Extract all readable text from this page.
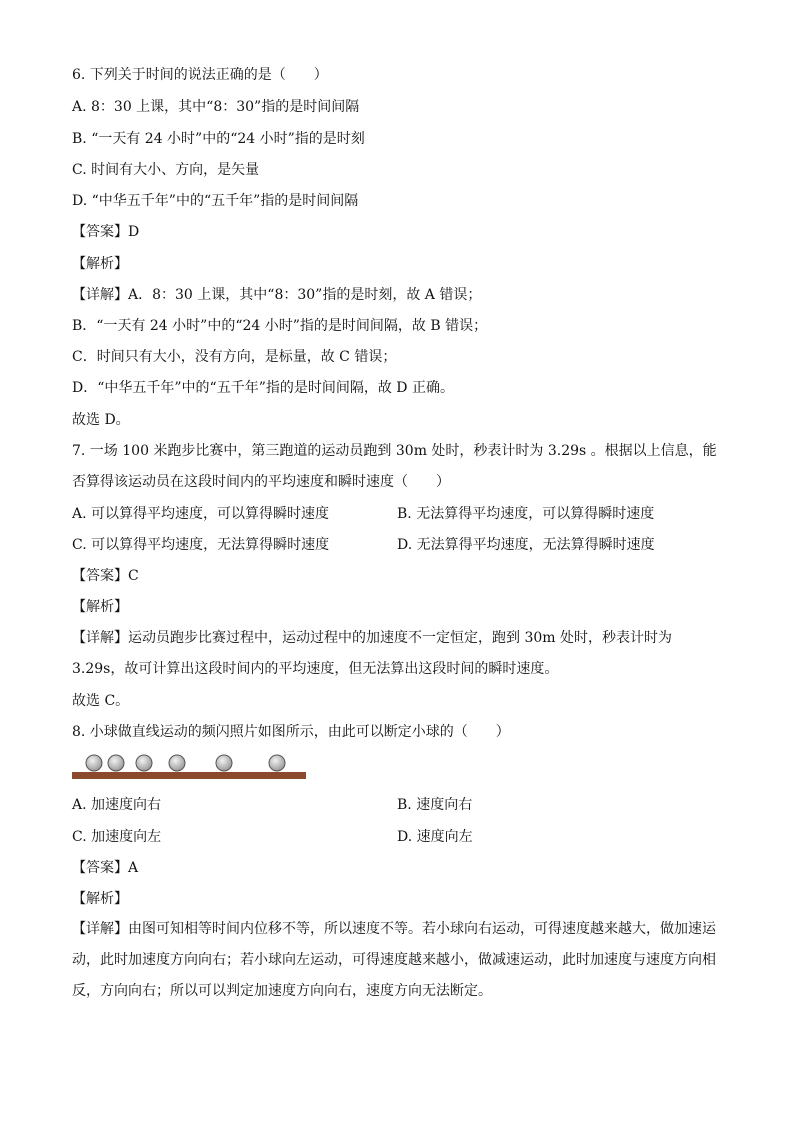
6. 下列关于时间的说法正确的是（　　）
A. 8：30 上课，其中“8：30”指的是时间间隔
B. “一天有 24 小时”中的“24 小时”指的是时刻
C. 时间有大小、方向，是矢量
D. “中华五千年”中的“五千年”指的是时间间隔
【答案】D
【解析】
【详解】A．8：30 上课，其中“8：30”指的是时刻，故 A 错误；
B．“一天有 24 小时”中的“24 小时”指的是时间间隔，故 B 错误；
C．时间只有大小，没有方向，是标量，故 C 错误；
D．“中华五千年”中的“五千年”指的是时间间隔，故 D 正确。
故选 D。
7. 一场 100 米跑步比赛中，第三跑道的运动员跑到 30m 处时，秒表计时为 3.29s 。根据以上信息，能否算得该运动员在这段时间内的平均速度和瞬时速度（　　）
A. 可以算得平均速度，可以算得瞬时速度	B. 无法算得平均速度，可以算得瞬时速度
C. 可以算得平均速度，无法算得瞬时速度	D. 无法算得平均速度，无法算得瞬时速度
【答案】C
【解析】
【详解】运动员跑步比赛过程中，运动过程中的加速度不一定恒定，跑到 30m 处时，秒表计时为 3.29s，故可计算出这段时间内的平均速度，但无法算出这段时间的瞬时速度。
故选 C。
8. 小球做直线运动的频闪照片如图所示，由此可以断定小球的（　　）
A. 加速度向右	B. 速度向右
C. 加速度向左	D. 速度向左
【答案】A
【解析】
【详解】由图可知相等时间内位移不等，所以速度不等。若小球向右运动，可得速度越来越大，做加速运动，此时加速度方向向右；若小球向左运动，可得速度越来越小，做减速运动，此时加速度与速度方向相反，方向向右；所以可以判定加速度方向向右，速度方向无法断定。
